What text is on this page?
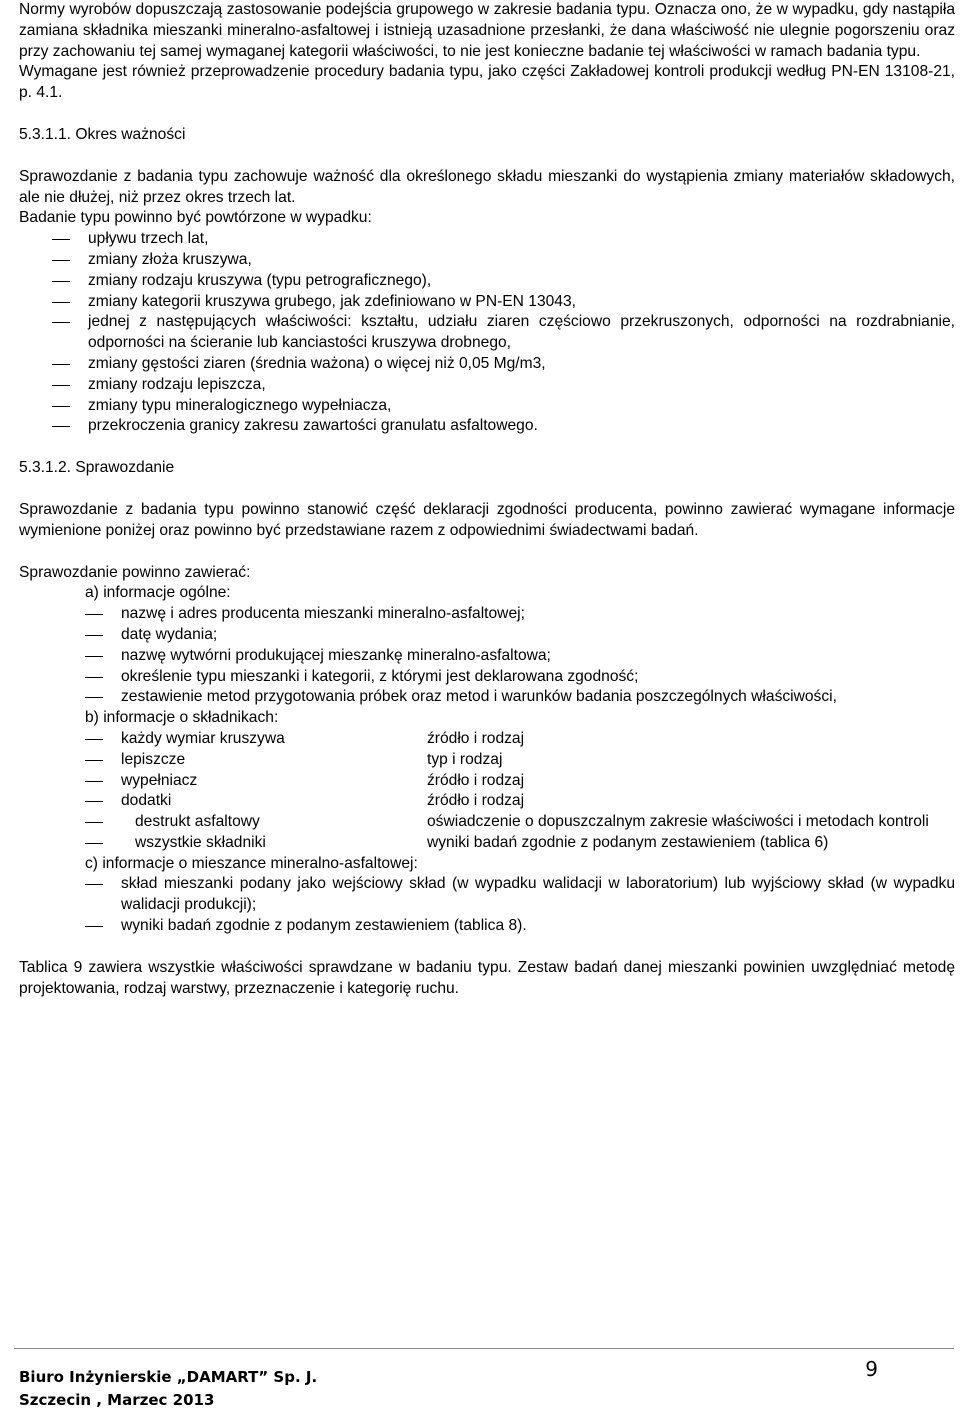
Normy wyrobów dopuszczają zastosowanie podejścia grupowego w zakresie badania typu. Oznacza ono, że w wypadku, gdy nastąpiła zamiana składnika mieszanki mineralno-asfaltowej i istnieją uzasadnione przesłanki, że dana właściwość nie ulegnie pogorszeniu oraz przy zachowaniu tej samej wymaganej kategorii właściwości, to nie jest konieczne badanie tej właściwości w ramach badania typu.

Wymagane jest również przeprowadzenie procedury badania typu, jako części Zakładowej kontroli produkcji według PN-EN 13108-21, p. 4.1.

5.3.1.1. Okres ważności

Sprawozdanie z badania typu zachowuje ważność dla określonego składu mieszanki do wystąpienia zmiany materiałów składowych, ale nie dłużej, niż przez okres trzech lat.

Badanie typu powinno być powtórzone w wypadku:

upływu trzech lat,
zmiany złoża kruszywa,
zmiany rodzaju kruszywa (typu petrograficznego),
zmiany kategorii kruszywa grubego, jak zdefiniowano w PN-EN 13043,
jednej z następujących właściwości: kształtu, udziału ziaren częściowo przekruszonych, odporności na rozdrabnianie, odporności na ścieranie lub kanciastości kruszywa drobnego,
zmiany gęstości ziaren (średnia ważona) o więcej niż 0,05 Mg/m3,
zmiany rodzaju lepiszcza,
zmiany typu mineralogicznego wypełniacza,
przekroczenia granicy zakresu zawartości granulatu asfaltowego.
5.3.1.2. Sprawozdanie

Sprawozdanie z badania typu powinno stanowić część deklaracji zgodności producenta, powinno zawierać wymagane informacje wymienione poniżej oraz powinno być przedstawiane razem z odpowiednimi świadectwami badań.

Sprawozdanie powinno zawierać:

a) informacje ogólne:
nazwę i adres producenta mieszanki mineralno-asfaltowej;
datę wydania;
nazwę wytwórni produkującej mieszankę mineralno-asfaltowa;
określenie typu mieszanki i kategorii, z którymi jest deklarowana zgodność;
zestawienie metod przygotowania próbek oraz metod i warunków badania poszczególnych właściwości,
b) informacje o składnikach:
każdy wymiar kruszywa	źródło i rodzaj
lepiszcze	typ i rodzaj
wypełniacz	źródło i rodzaj
dodatki	źródło i rodzaj
destrukt asfaltowy	oświadczenie o dopuszczalnym zakresie właściwości i metodach kontroli
wszystkie składniki	wyniki badań zgodnie z podanym zestawieniem (tablica 6)
c) informacje o mieszance mineralno-asfaltowej:
skład mieszanki podany jako wejściowy skład (w wypadku walidacji w laboratorium) lub wyjściowy skład (w wypadku walidacji produkcji);
wyniki badań zgodnie z podanym zestawieniem (tablica 8).

Tablica 9 zawiera wszystkie właściwości sprawdzane w badaniu typu. Zestaw badań danej mieszanki powinien uwzględniać metodę projektowania, rodzaj warstwy, przeznaczenie i kategorię ruchu.

Biuro Inżynierskie „DAMART” Sp. J.
Szczecin , Marzec 2013
9
